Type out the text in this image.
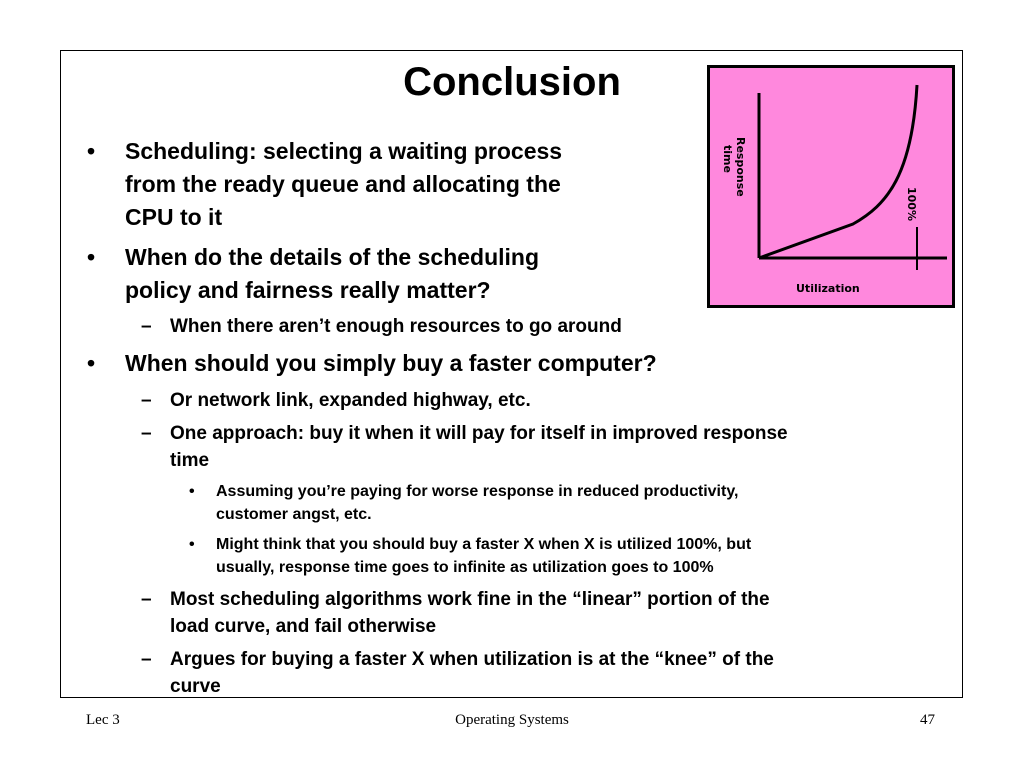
Conclusion
• Scheduling: selecting a waiting process
from the ready queue and allocating the
CPU to it
• When do the details of the scheduling
policy and fairness really matter?
– When there aren’t enough resources to go around
• When should you simply buy a faster computer?
– Or network link, expanded highway, etc.
– One approach: buy it when it will pay for itself in improved response
time
• Assuming you’re paying for worse response in reduced productivity,
customer angst, etc.
• Might think that you should buy a faster X when X is utilized 100%, but
usually, response time goes to infinite as utilization goes to 100%
– Most scheduling algorithms work fine in the “linear” portion of the
load curve, and fail otherwise
– Argues for buying a faster X when utilization is at the “knee” of the
curve
Response time
100%
Utilization
Lec 3	Operating Systems	47
